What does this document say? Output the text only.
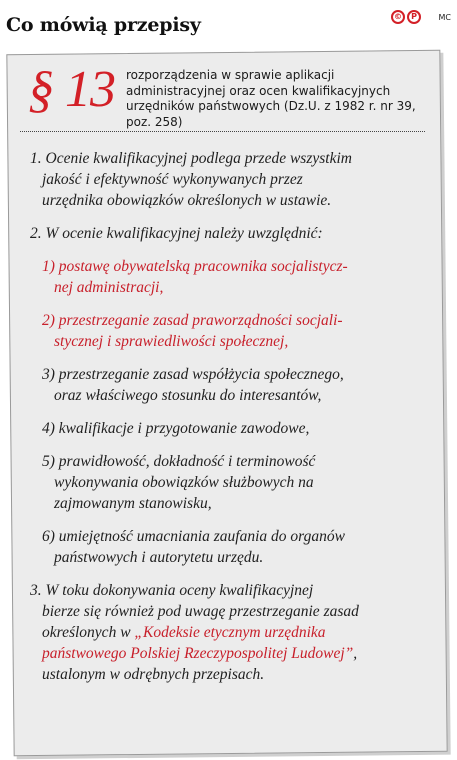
Co mówią przepisy	©	P	MC
§ 13 rozporządzenia w sprawie aplikacji administracyjnej oraz ocen kwalifikacyjnych urzędników państwowych (Dz.U. z 1982 r. nr 39, poz. 258)
1. Ocenie kwalifikacyjnej podlega przede wszystkim
jakość i efektywność wykonywanych przez
urzędnika obowiązków określonych w ustawie.
2. W ocenie kwalifikacyjnej należy uwzględnić:
1) postawę obywatelską pracownika socjalistycz-
nej administracji,
2) przestrzeganie zasad praworządności socjali-
stycznej i sprawiedliwości społecznej,
3) przestrzeganie zasad współżycia społecznego,
oraz właściwego stosunku do interesantów,
4) kwalifikacje i przygotowanie zawodowe,
5) prawidłowość, dokładność i terminowość
wykonywania obowiązków służbowych na
zajmowanym stanowisku,
6) umiejętność umacniania zaufania do organów
państwowych i autorytetu urzędu.
3. W toku dokonywania oceny kwalifikacyjnej
bierze się również pod uwagę przestrzeganie zasad
określonych w „Kodeksie etycznym urzędnika
państwowego Polskiej Rzeczypospolitej Ludowej”,
ustalonym w odrębnych przepisach.
